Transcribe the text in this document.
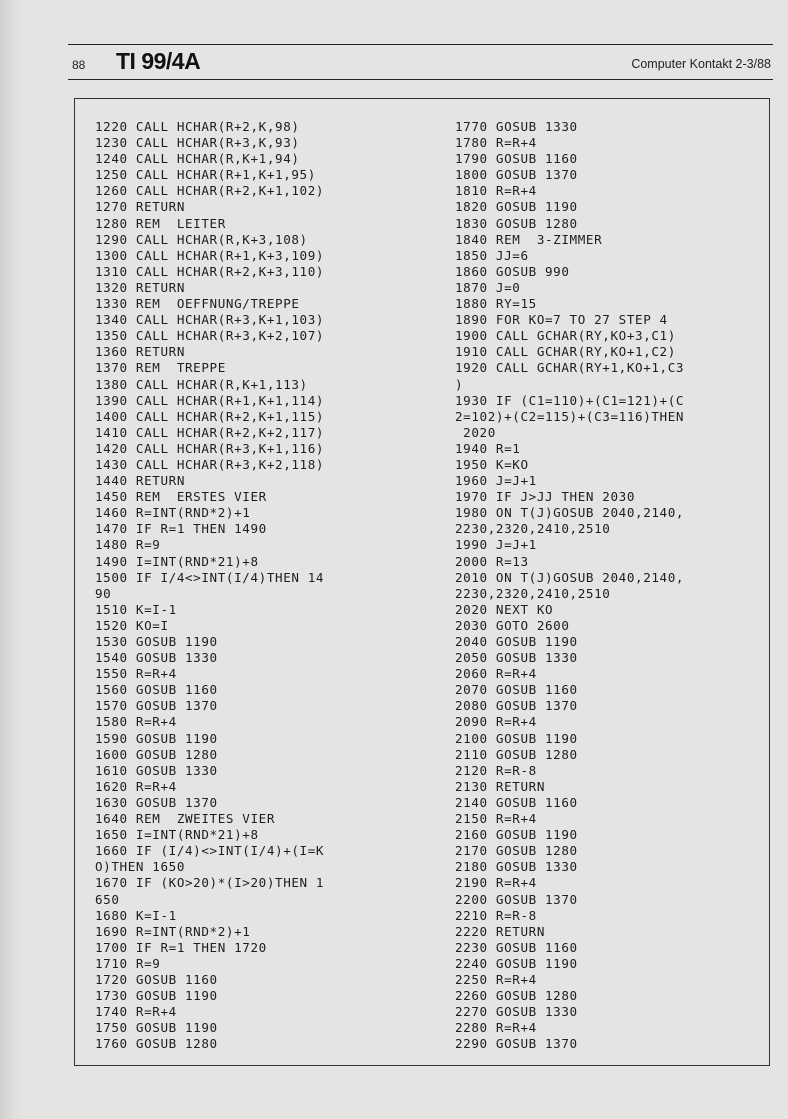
88 TI 99/4A	Computer Kontakt 2-3/88
1220 CALL HCHAR(R+2,K,98)
1230 CALL HCHAR(R+3,K,93)
1240 CALL HCHAR(R,K+1,94)
1250 CALL HCHAR(R+1,K+1,95)
1260 CALL HCHAR(R+2,K+1,102)
1270 RETURN
1280 REM  LEITER
1290 CALL HCHAR(R,K+3,108)
1300 CALL HCHAR(R+1,K+3,109)
1310 CALL HCHAR(R+2,K+3,110)
1320 RETURN
1330 REM  OEFFNUNG/TREPPE
1340 CALL HCHAR(R+3,K+1,103)
1350 CALL HCHAR(R+3,K+2,107)
1360 RETURN
1370 REM  TREPPE
1380 CALL HCHAR(R,K+1,113)
1390 CALL HCHAR(R+1,K+1,114)
1400 CALL HCHAR(R+2,K+1,115)
1410 CALL HCHAR(R+2,K+2,117)
1420 CALL HCHAR(R+3,K+1,116)
1430 CALL HCHAR(R+3,K+2,118)
1440 RETURN
1450 REM  ERSTES VIER
1460 R=INT(RND*2)+1
1470 IF R=1 THEN 1490
1480 R=9
1490 I=INT(RND*21)+8
1500 IF I/4<>INT(I/4)THEN 14
90
1510 K=I-1
1520 KO=I
1530 GOSUB 1190
1540 GOSUB 1330
1550 R=R+4
1560 GOSUB 1160
1570 GOSUB 1370
1580 R=R+4
1590 GOSUB 1190
1600 GOSUB 1280
1610 GOSUB 1330
1620 R=R+4
1630 GOSUB 1370
1640 REM  ZWEITES VIER
1650 I=INT(RND*21)+8
1660 IF (I/4)<>INT(I/4)+(I=K
O)THEN 1650
1670 IF (KO>20)*(I>20)THEN 1
650
1680 K=I-1
1690 R=INT(RND*2)+1
1700 IF R=1 THEN 1720
1710 R=9
1720 GOSUB 1160
1730 GOSUB 1190
1740 R=R+4
1750 GOSUB 1190
1760 GOSUB 1280
1770 GOSUB 1330
1780 R=R+4
1790 GOSUB 1160
1800 GOSUB 1370
1810 R=R+4
1820 GOSUB 1190
1830 GOSUB 1280
1840 REM  3-ZIMMER
1850 JJ=6
1860 GOSUB 990
1870 J=0
1880 RY=15
1890 FOR KO=7 TO 27 STEP 4
1900 CALL GCHAR(RY,KO+3,C1)
1910 CALL GCHAR(RY,KO+1,C2)
1920 CALL GCHAR(RY+1,KO+1,C3
)
1930 IF (C1=110)+(C1=121)+(C
2=102)+(C2=115)+(C3=116)THEN
2020
1940 R=1
1950 K=KO
1960 J=J+1
1970 IF J>JJ THEN 2030
1980 ON T(J)GOSUB 2040,2140,
2230,2320,2410,2510
1990 J=J+1
2000 R=13
2010 ON T(J)GOSUB 2040,2140,
2230,2320,2410,2510
2020 NEXT KO
2030 GOTO 2600
2040 GOSUB 1190
2050 GOSUB 1330
2060 R=R+4
2070 GOSUB 1160
2080 GOSUB 1370
2090 R=R+4
2100 GOSUB 1190
2110 GOSUB 1280
2120 R=R-8
2130 RETURN
2140 GOSUB 1160
2150 R=R+4
2160 GOSUB 1190
2170 GOSUB 1280
2180 GOSUB 1330
2190 R=R+4
2200 GOSUB 1370
2210 R=R-8
2220 RETURN
2230 GOSUB 1160
2240 GOSUB 1190
2250 R=R+4
2260 GOSUB 1280
2270 GOSUB 1330
2280 R=R+4
2290 GOSUB 1370
